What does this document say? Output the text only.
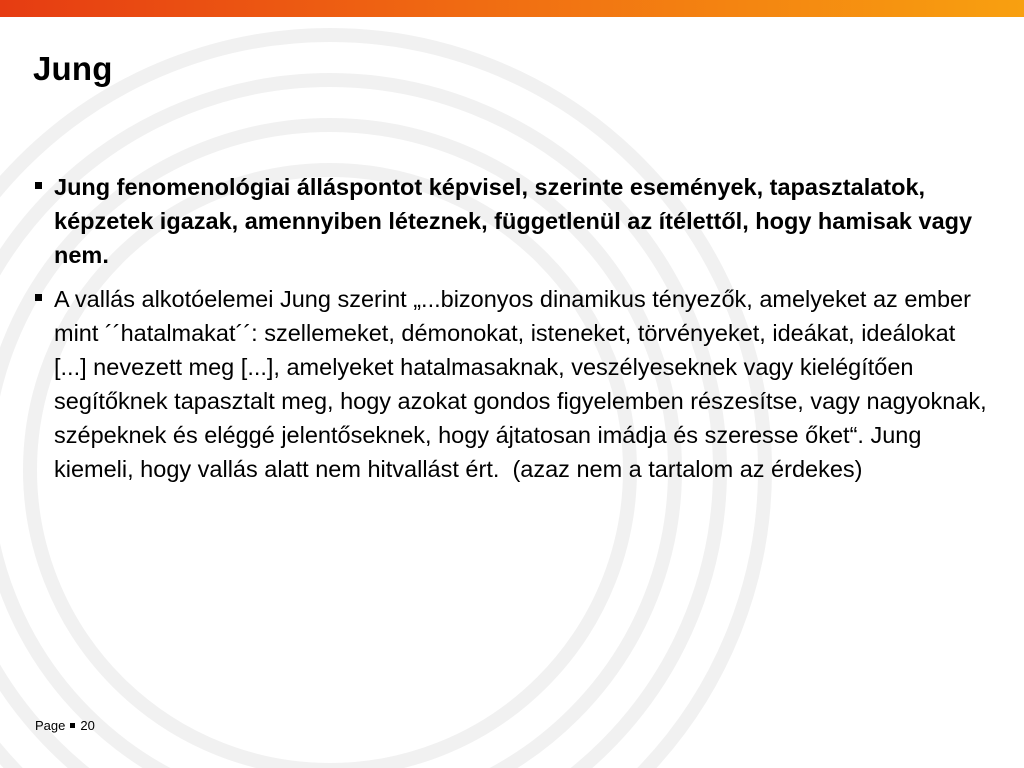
Jung
Jung fenomenológiai álláspontot képvisel, szerinte események, tapasztalatok, képzetek igazak, amennyiben léteznek, függetlenül az ítélettől, hogy hamisak vagy nem.
A vallás alkotóelemei Jung szerint „...bizonyos dinamikus tényezők, amelyeket az ember mint ´´hatalmakat´´: szellemeket, démonokat, isteneket, törvényeket, ideákat, ideálokat [...] nevezett meg [...], amelyeket hatalmasaknak, veszélyeseknek vagy kielégítően segítőknek tapasztalt meg, hogy azokat gondos figyelemben részesítse, vagy nagyoknak, szépeknek és eléggé jelentőseknek, hogy ájtatosan imádja és szeresse őket“. Jung kiemeli, hogy vallás alatt nem hitvallást ért.  (azaz nem a tartalom az érdekes)
Page 20
